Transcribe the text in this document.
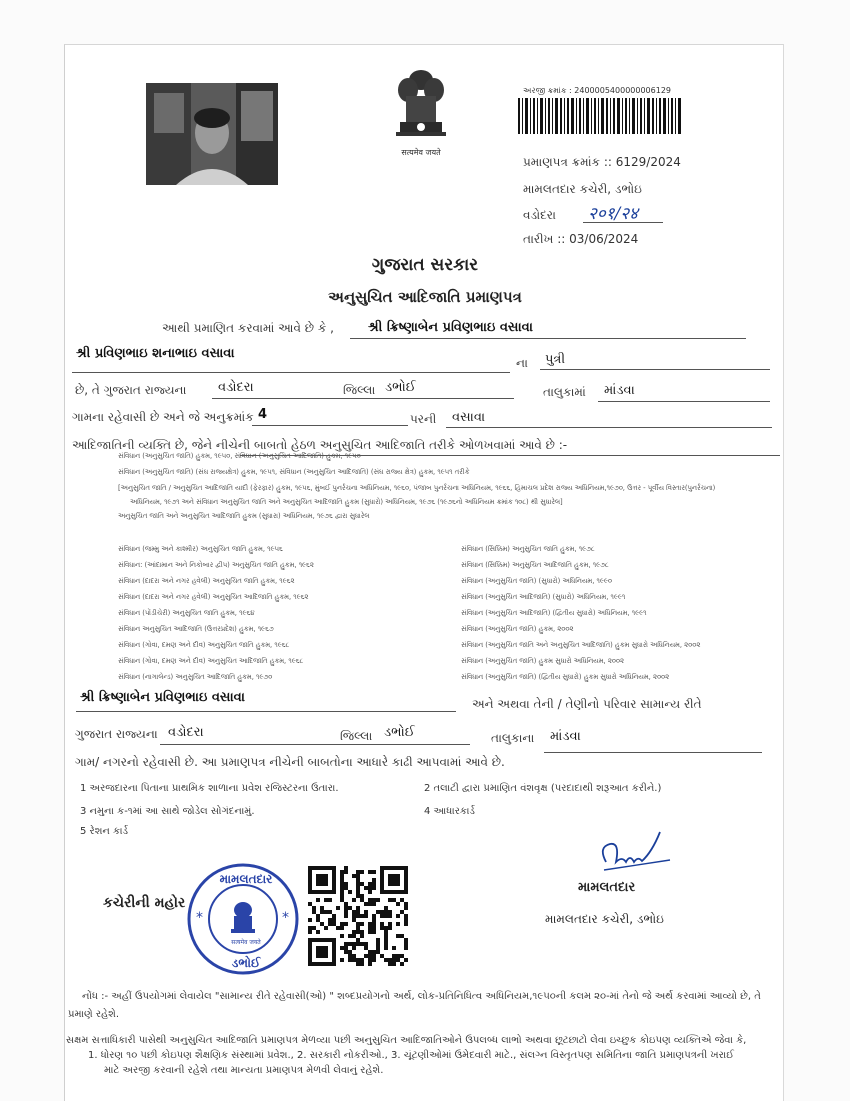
सत्यमेव जयते
અરજી ક્રમાંક : 2400005400000006129
પ્રમાણપત્ર ક્રમાંક :: 6129/2024
મામલતદાર કચેરી, ડભોઇ
વડોદરા २०१/२४
તારીખ :: 03/06/2024
ગુજરાત સરકાર
અનુસુચિત આદિજાતિ પ્રમાણપત્ર
આથી પ્રમાણિત કરવામાં આવે છે કે ,	શ્રી ક્રિષ્ણાબેન પ્રવિણભાઇ વસાવા
શ્રી પ્રવિણભાઇ શનાભાઇ વસાવા
ના પુત્રી
છે, તે ગુજરાત રાજ્યના વડોદરા	જિલ્લા ડભોઈ	તાલુકામાં માંડવા
ગામના રહેવાસી છે અને જે અનુક્રમાંક 4	પરની વસાવા
આદિજાતિની વ્યક્તિ છે, જેને નીચેની બાબતો હેઠળ અનુસુચિત આદિજાતિ તરીકે ઓળખવામાં આવે છે :-
સંવિધાન (અનુસુચિત જાતિ) હુકમ, ૧૯૫૦, સંવિધાન (અનુસુચિત આદિજાતિ) હુકમ, ૧૯૫૦
સંવિધાન (અનુસુચિત જાતિ) (સંઘ રાજ્યક્ષેત્ર) હુકમ, ૧૯૫૧, સંવિધાન (અનુસુચિત આદિજાતિ) (સંઘ રાજ્ય ક્ષેત્ર) હુકમ, ૧૯૫૧ તરીકે
[અનુસુચિત જાતિ / અનુસુચિત આદિજાતિ યાદી (ફેરફાર) હુકમ, ૧૯૫૬, મુંબઈ પુનર્રચના અધિનિયમ, ૧૯૬૦, પંજાબ પુનર્રચના અધિનિયમ, ૧૯૬૬, હિમાચલ પ્રદેશ રાજ્ય અધિનિયમ,૧૯૭૦, ઉત્તર - પૂર્વીય વિસ્તાર(પુનર્રચના)
અધિનિયમ, ૧૯૭૧ અને સંવિધાન અનુસુચિત જાતિ અને અનુસુચિત આદિજાતિ હુકમ (સુધારો) અધિનિયમ, ૧૯૭૬ (૧૯૭૬નો અધિનિયમ ક્રમાંક ૧૦૮) થી સુધારેલ]
અનુસુચિત જાતિ અને અનુસુચિત આદિજાતિ હુકમ (સુધારા) અધિનિયમ, ૧૯૭૬ દ્વારા સુધારેલ
સંવિધાન (જમ્મુ અને કાશ્મીર) અનુસુચિત જાતિ હુકમ, ૧૯૫૬
સંવિધાન: (આંદામાન અને નિકોબાર દ્વીપ) અનુસુચિત જાતિ હુકમ, ૧૯૬૨
સંવિધાન (દાદરા અને નગર હવેલી) અનુસુચિત જાતિ હુકમ, ૧૯૬૨
સંવિધાન (દાદરા અને નગર હવેલી) અનુસુચિત આદિજાતિ હુકમ, ૧૯૬૨
સંવિધાન (પોંડીચેરી) અનુસુચિત જાતિ હુકમ, ૧૯૬૪
સંવિધાન અનુસુચિત આદિજાતિ (ઉત્તરપ્રદેશ) હુકમ, ૧૯૬૭
સંવિધાન (ગોવા, દમણ અને દીવ) અનુસુચિત જાતિ હુકમ, ૧૯૬૮
સંવિધાન (ગોવા, દમણ અને દીવ) અનુસુચિત આદિજાતિ હુકમ, ૧૯૬૮
સંવિધાન (નાગાલેન્ડ) અનુસુચિત આદિજાતિ હુકમ, ૧૯૭૦
સંવિધાન (સિક્કિમ) અનુસુચિત જાતિ હુકમ, ૧૯૭૮
સંવિધાન (સિક્કિમ) અનુસુચિત આદિજાતિ હુકમ, ૧૯૭૮
સંવિધાન (અનુસુચિત જાતિ) (સુધારો) અધિનિયમ, ૧૯૯૦
સંવિધાન (અનુસુચિત આદિજાતિ) (સુધારો) અધિનિયમ, ૧૯૯૧
સંવિધાન (અનુસુચિત આદિજાતિ) (દ્વિતીય સુધારો) અધિનિયમ, ૧૯૯૧
સંવિધાન (અનુસુચિત જાતિ) હુકમ, ૨૦૦૨
સંવિધાન (અનુસુચિત જાતિ અને અનુસુચિત આદિજાતિ) હુકમ સુધારો અધિનિયમ, ૨૦૦૨
સંવિધાન (અનુસુચિત જાતિ) હુકમ સુધારો અધિનિયમ, ૨૦૦૨
સંવિધાન (અનુસુચિત જાતિ) (દ્વિતીય સુધારો) હુકમ સુધારો અધિનિયમ, ૨૦૦૨
શ્રી ક્રિષ્ણાબેન પ્રવિણભાઇ વસાવા	અને અથવા તેની / તેણીનો પરિવાર સામાન્ય રીતે
ગુજરાત રાજ્યના વડોદરા	જિલ્લા ડભોઈ	તાલુકાના માંડવા
ગામ/ નગરનો રહેવાસી છે. આ પ્રમાણપત્ર નીચેની બાબતોના આધારે કાઢી આપવામાં આવે છે.
1 અરજદારના પિતાના પ્રાથમિક શાળાના પ્રવેશ રજિસ્ટરના ઉતારા.	2 તલાટી દ્વારા પ્રમાણિત વંશવૃક્ષ (પરદાદાથી શરૂઆત કરીને.)
3 નમુના ક-૧માં આ સાથે જોડેલ સોગંદનામું.	4 આધારકાર્ડ
5 રેશન કાર્ડ
મામલતદાર
મામલતદાર કચેરી, ડભોઇ
કચેરીની મહોર
*	*
મામલતદાર
ડભોઈ
सत्यमेव जयते
નોંધ :- અહીં ઉપયોગમાં લેવાયેલ "સામાન્ય રીતે રહેવાસી(ઓ) " શબ્દપ્રયોગનો અર્થ, લોક-પ્રતિનિધિત્વ અધિનિયમ,૧૯૫૦ની કલમ ૨૦-માં તેનો જે અર્થ કરવામાં આવ્યો છે, તે
પ્રમાણે રહેશે.
સક્ષમ સત્તાધિકારી પાસેથી અનુસુચિત આદિજાતિ પ્રમાણપત્ર મેળવ્યા પછી અનુસુચિત આદિજાતિઓને ઉપલબ્ધ લાભો અથવા છૂટછાટો લેવા ઇચ્છુક કોઇપણ વ્યક્તિએ જેવા કે,
1. ધોરણ ૧૦ પછી કોઇપણ શૈક્ષણિક સંસ્થામાં પ્રવેશ., 2. સરકારી નોકરીઓ., 3. ચૂંટણીઓમાં ઉમેદવારી માટે., સંલગ્ન વિસ્તૃતપણ સમિતિના જાતિ પ્રમાણપત્રની ખરાઈ
માટે અરજી કરવાની રહેશે તથા માન્યતા પ્રમાણપત્ર મેળવી લેવાનું રહેશે.
